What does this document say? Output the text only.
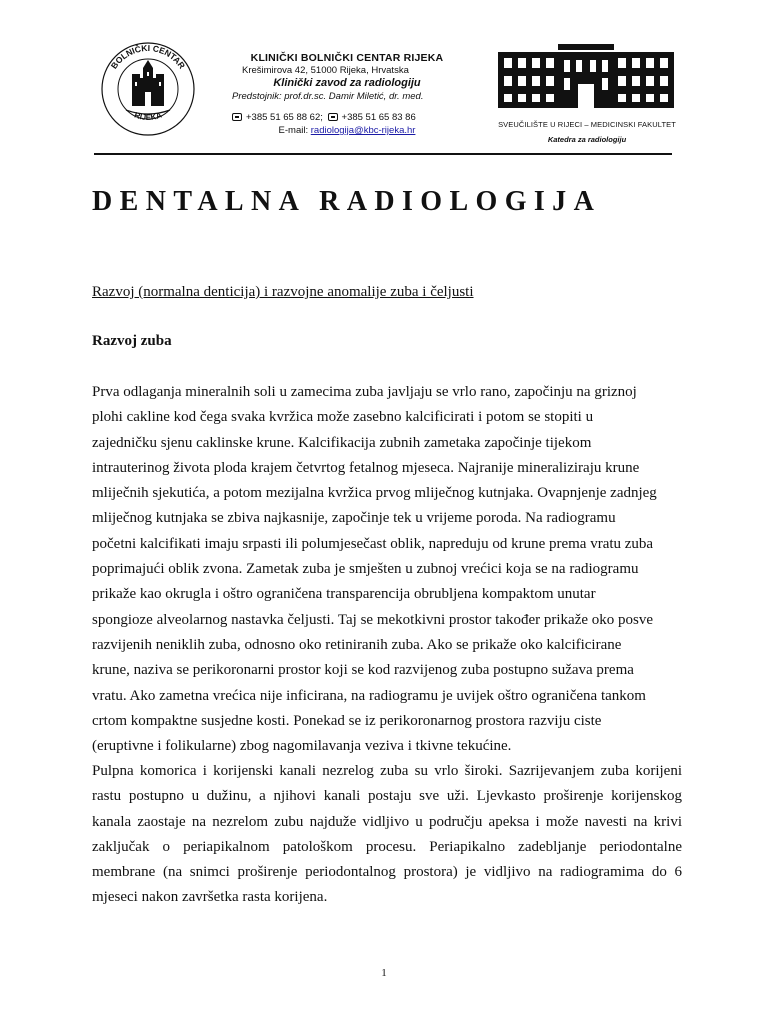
BOLNIČKI CENTAR
RIJEKA
KLINIČKI BOLNIČKI CENTAR RIJEKA
Krešimirova 42, 51000 Rijeka, Hrvatska
Klinički zavod za radiologiju
Predstojnik: prof.dr.sc. Damir Miletić, dr. med.
+385 51 65 88 62; +385 51 65 83 86
E-mail: radiologija@kbc-rijeka.hr
SVEUČILIŠTE U RIJECI – MEDICINSKI FAKULTET
Katedra za radiologiju
DENTALNA RADIOLOGIJA
Razvoj (normalna denticija) i razvojne anomalije zuba i čeljusti
Razvoj zuba
Prva odlaganja mineralnih soli u zamecima zuba javljaju se vrlo rano, započinju na griznoj
plohi cakline kod čega svaka kvržica može zasebno kalcificirati i potom se stopiti u
zajedničku sjenu caklinske krune. Kalcifikacija zubnih zametaka započinje tijekom
intrauterinog života ploda krajem četvrtog fetalnog mjeseca. Najranije mineraliziraju krune
mliječnih sjekutića, a potom mezijalna kvržica prvog mliječnog kutnjaka. Ovapnjenje zadnjeg
mliječnog kutnjaka se zbiva najkasnije, započinje tek u vrijeme poroda. Na radiogramu
početni kalcifikati imaju srpasti ili polumjesečast oblik, napreduju od krune prema vratu zuba
poprimajući oblik zvona. Zametak zuba je smješten u zubnoj vrećici koja se na radiogramu
prikaže kao okrugla i oštro ograničena transparencija obrubljena kompaktom unutar
spongioze alveolarnog nastavka čeljusti. Taj se mekotkivni prostor također prikaže oko posve
razvijenih neniklih zuba, odnosno oko retiniranih zuba. Ako se prikaže oko kalcificirane
krune, naziva se perikoronarni prostor koji se kod razvijenog zuba postupno sužava prema
vratu. Ako zametna vrećica nije inficirana, na radiogramu je uvijek oštro ograničena tankom
crtom kompaktne susjedne kosti. Ponekad se iz perikoronarnog prostora razviju ciste
(eruptivne i folikularne) zbog nagomilavanja veziva i tkivne tekućine.
Pulpna komorica i korijenski kanali nezrelog zuba su vrlo široki. Sazrijevanjem zuba korijeni
rastu postupno u dužinu, a njihovi kanali postaju sve uži. Ljevkasto proširenje korijenskog
kanala zaostaje na nezrelom zubu najduže vidljivo u području apeksa i može navesti na krivi
zaključak o periapikalnom patološkom procesu. Periapikalno zadebljanje periodontalne
membrane (na snimci proširenje periodontalnog prostora) je vidljivo na radiogramima do 6
mjeseci nakon završetka rasta korijena.
1
